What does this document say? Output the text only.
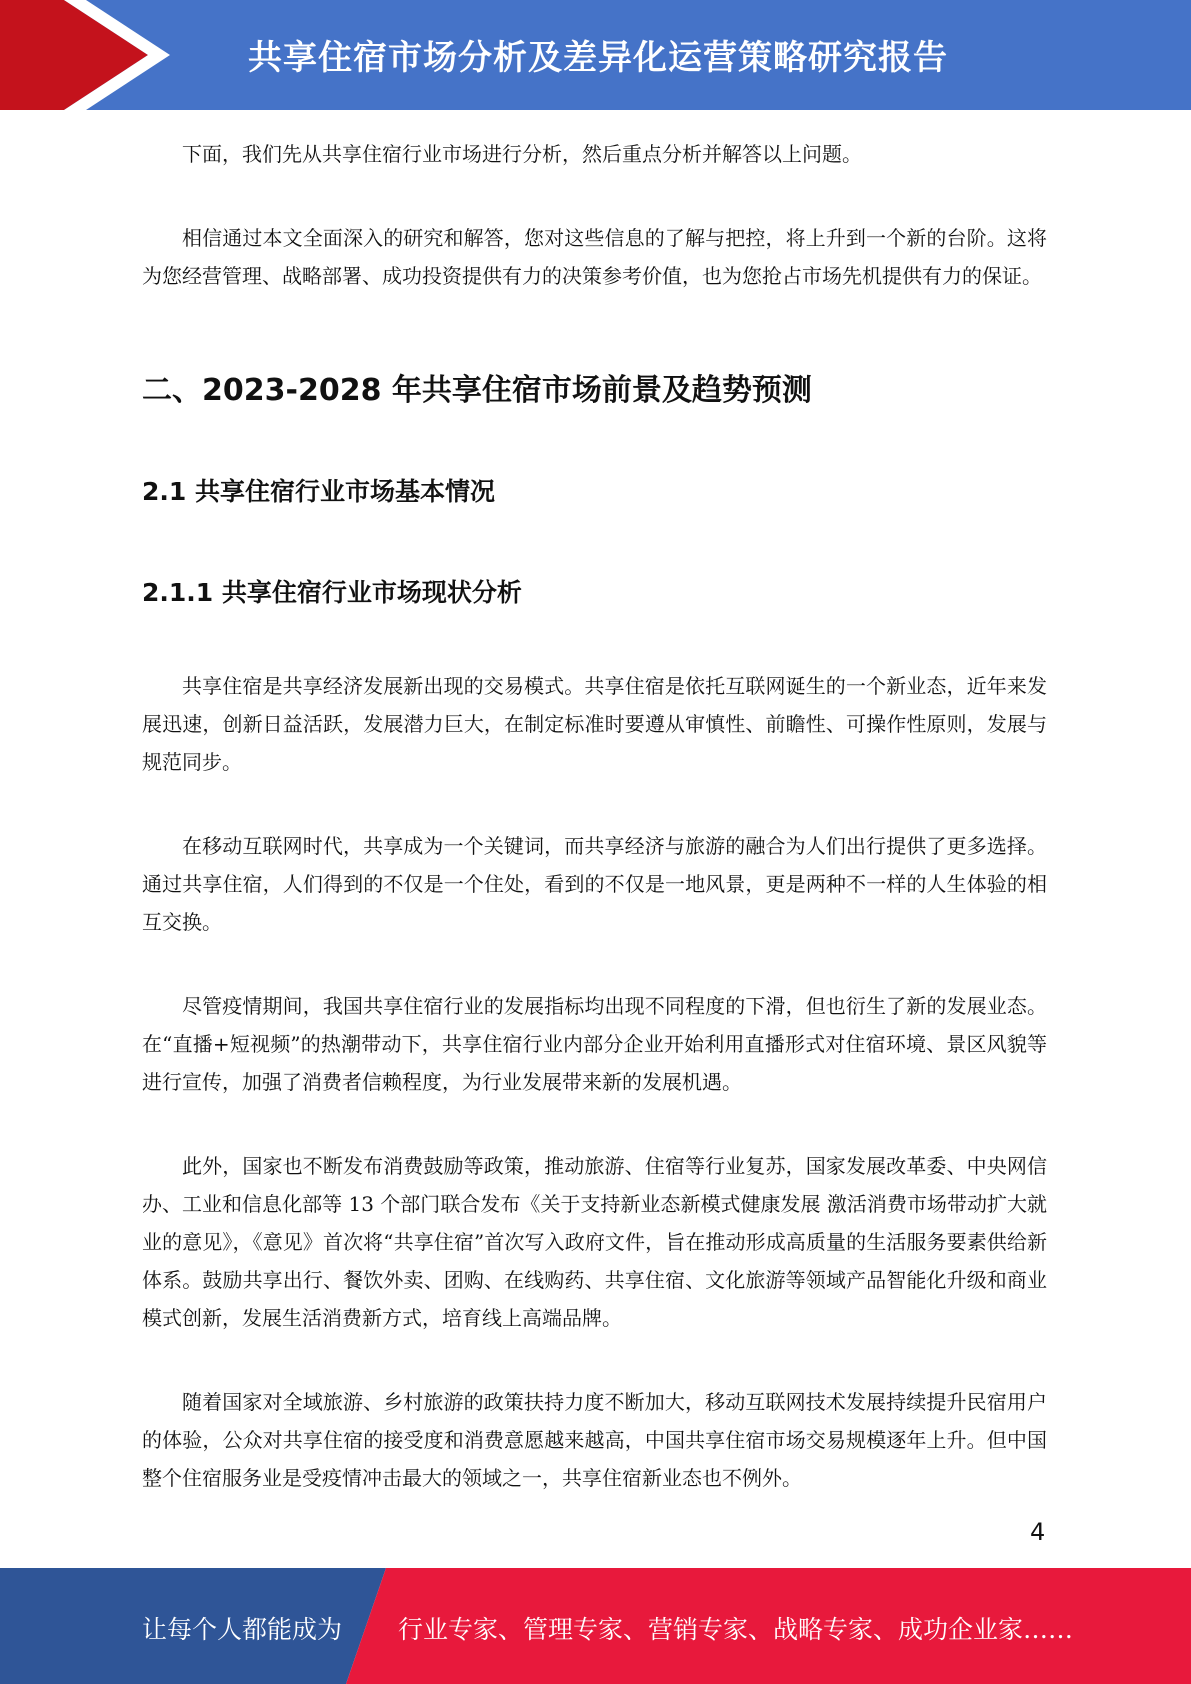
共享住宿市场分析及差异化运营策略研究报告

下面，我们先从共享住宿行业市场进行分析，然后重点分析并解答以上问题。

相信通过本文全面深入的研究和解答，您对这些信息的了解与把控，将上升到一个新的台阶。这将为您经营管理、战略部署、成功投资提供有力的决策参考价值，也为您抢占市场先机提供有力的保证。

二、2023-2028 年共享住宿市场前景及趋势预测
2.1 共享住宿行业市场基本情况
2.1.1 共享住宿行业市场现状分析

共享住宿是共享经济发展新出现的交易模式。共享住宿是依托互联网诞生的一个新业态，近年来发展迅速，创新日益活跃，发展潜力巨大，在制定标准时要遵从审慎性、前瞻性、可操作性原则，发展与规范同步。

在移动互联网时代，共享成为一个关键词，而共享经济与旅游的融合为人们出行提供了更多选择。通过共享住宿，人们得到的不仅是一个住处，看到的不仅是一地风景，更是两种不一样的人生体验的相互交换。

尽管疫情期间，我国共享住宿行业的发展指标均出现不同程度的下滑，但也衍生了新的发展业态。在“直播+短视频”的热潮带动下，共享住宿行业内部分企业开始利用直播形式对住宿环境、景区风貌等进行宣传，加强了消费者信赖程度，为行业发展带来新的发展机遇。

此外，国家也不断发布消费鼓励等政策，推动旅游、住宿等行业复苏，国家发展改革委、中央网信办、工业和信息化部等 13 个部门联合发布《关于支持新业态新模式健康发展 激活消费市场带动扩大就业的意见》，《意见》首次将“共享住宿”首次写入政府文件，旨在推动形成高质量的生活服务要素供给新体系。鼓励共享出行、餐饮外卖、团购、在线购药、共享住宿、文化旅游等领域产品智能化升级和商业模式创新，发展生活消费新方式，培育线上高端品牌。

随着国家对全域旅游、乡村旅游的政策扶持力度不断加大，移动互联网技术发展持续提升民宿用户的体验，公众对共享住宿的接受度和消费意愿越来越高，中国共享住宿市场交易规模逐年上升。但中国整个住宿服务业是受疫情冲击最大的领域之一，共享住宿新业态也不例外。

4
让每个人都能成为 行业专家、管理专家、营销专家、战略专家、成功企业家……
